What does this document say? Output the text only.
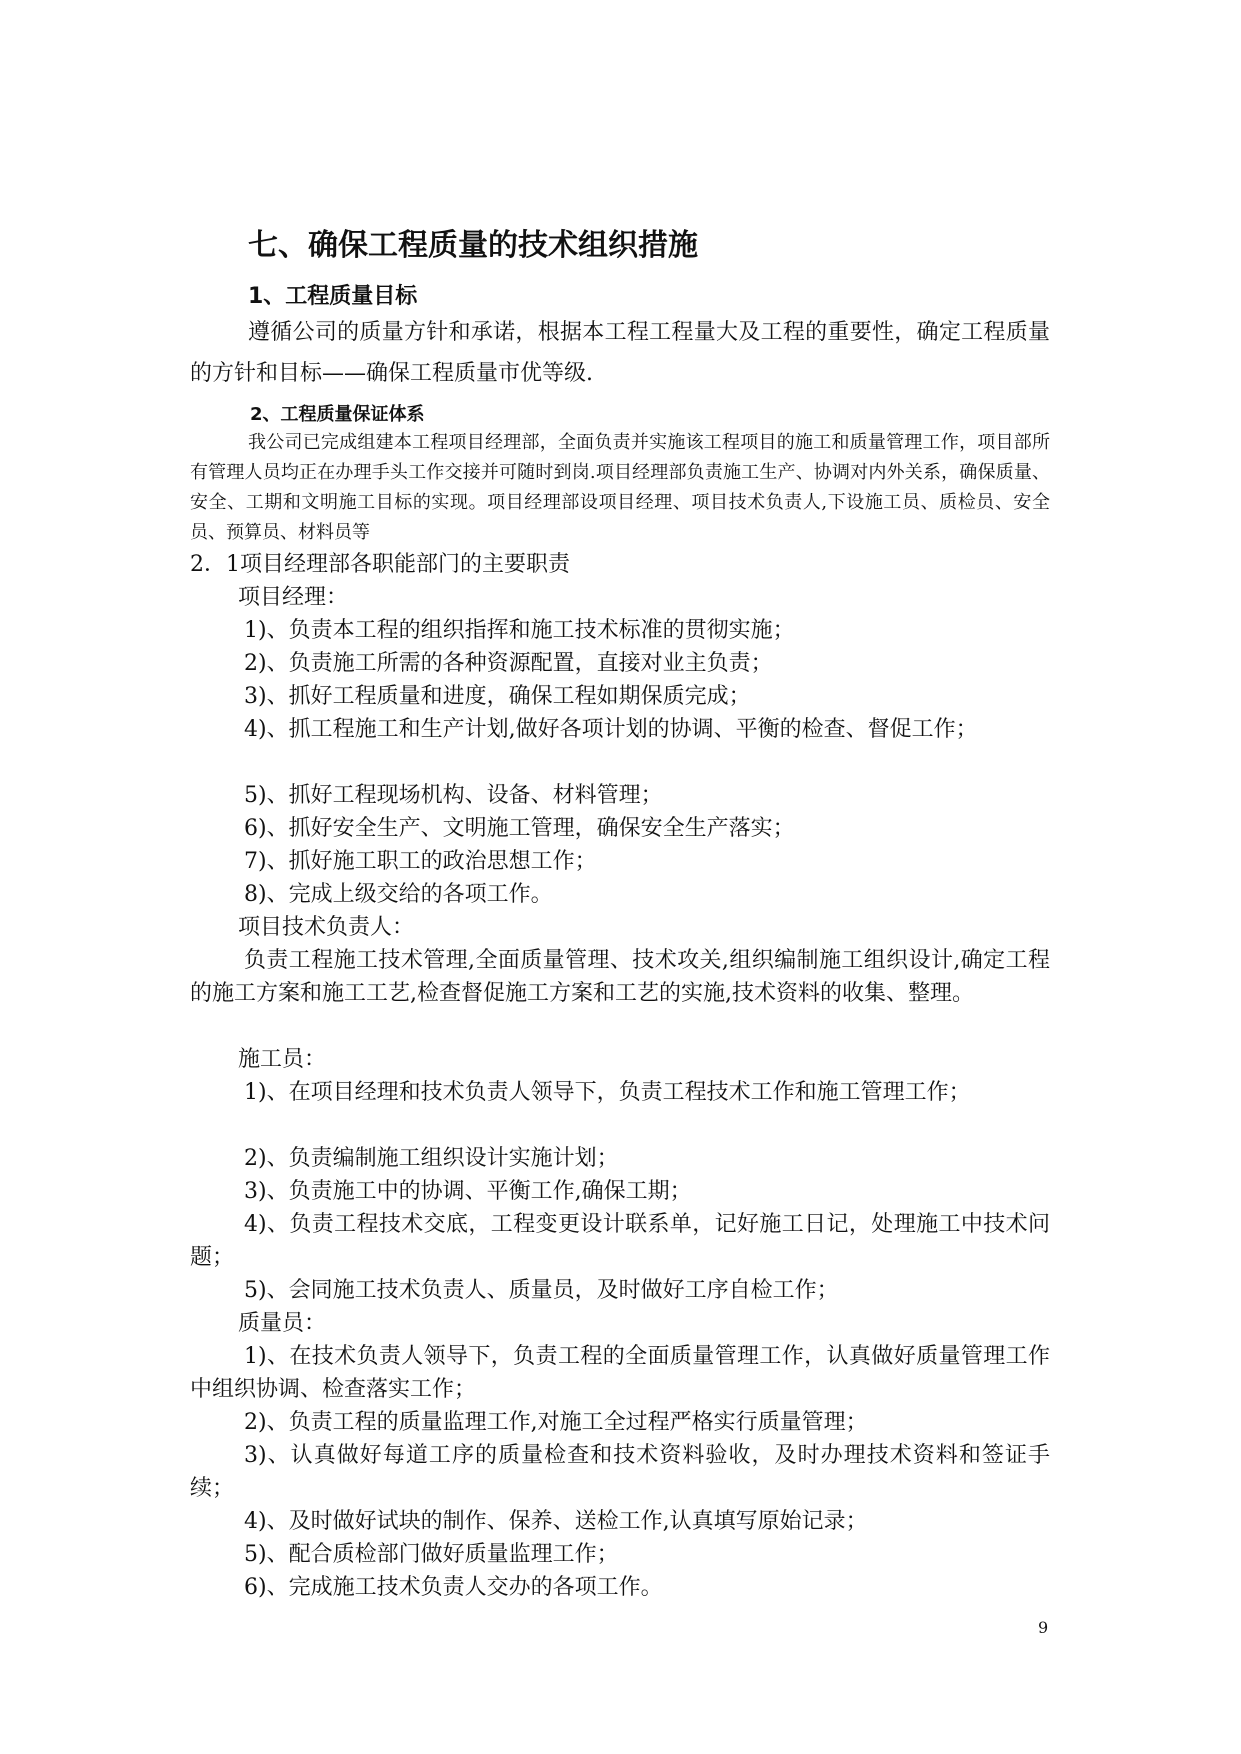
七、确保工程质量的技术组织措施
1、工程质量目标
遵循公司的质量方针和承诺，根据本工程工程量大及工程的重要性，确定工程质量的方针和目标——确保工程质量市优等级.
2、工程质量保证体系
我公司已完成组建本工程项目经理部，全面负责并实施该工程项目的施工和质量管理工作，项目部所有管理人员均正在办理手头工作交接并可随时到岗.项目经理部负责施工生产、协调对内外关系，确保质量、安全、工期和文明施工目标的实现。项目经理部设项目经理、项目技术负责人,下设施工员、质检员、安全员、预算员、材料员等
2．1项目经理部各职能部门的主要职责
项目经理：
1)、负责本工程的组织指挥和施工技术标准的贯彻实施；
2)、负责施工所需的各种资源配置，直接对业主负责；
3)、抓好工程质量和进度，确保工程如期保质完成；
4)、抓工程施工和生产计划,做好各项计划的协调、平衡的检查、督促工作；
5)、抓好工程现场机构、设备、材料管理；
6)、抓好安全生产、文明施工管理，确保安全生产落实；
7)、抓好施工职工的政治思想工作；
8)、完成上级交给的各项工作。
项目技术负责人：
负责工程施工技术管理,全面质量管理、技术攻关,组织编制施工组织设计,确定工程的施工方案和施工工艺,检查督促施工方案和工艺的实施,技术资料的收集、整理。
施工员：
1)、在项目经理和技术负责人领导下，负责工程技术工作和施工管理工作；
2)、负责编制施工组织设计实施计划；
3)、负责施工中的协调、平衡工作,确保工期；
4)、负责工程技术交底，工程变更设计联系单，记好施工日记，处理施工中技术问题；
5)、会同施工技术负责人、质量员，及时做好工序自检工作；
质量员：
1)、在技术负责人领导下，负责工程的全面质量管理工作，认真做好质量管理工作中组织协调、检查落实工作；
2)、负责工程的质量监理工作,对施工全过程严格实行质量管理；
3)、认真做好每道工序的质量检查和技术资料验收，及时办理技术资料和签证手续；
4)、及时做好试块的制作、保养、送检工作,认真填写原始记录；
5)、配合质检部门做好质量监理工作；
6)、完成施工技术负责人交办的各项工作。
9
